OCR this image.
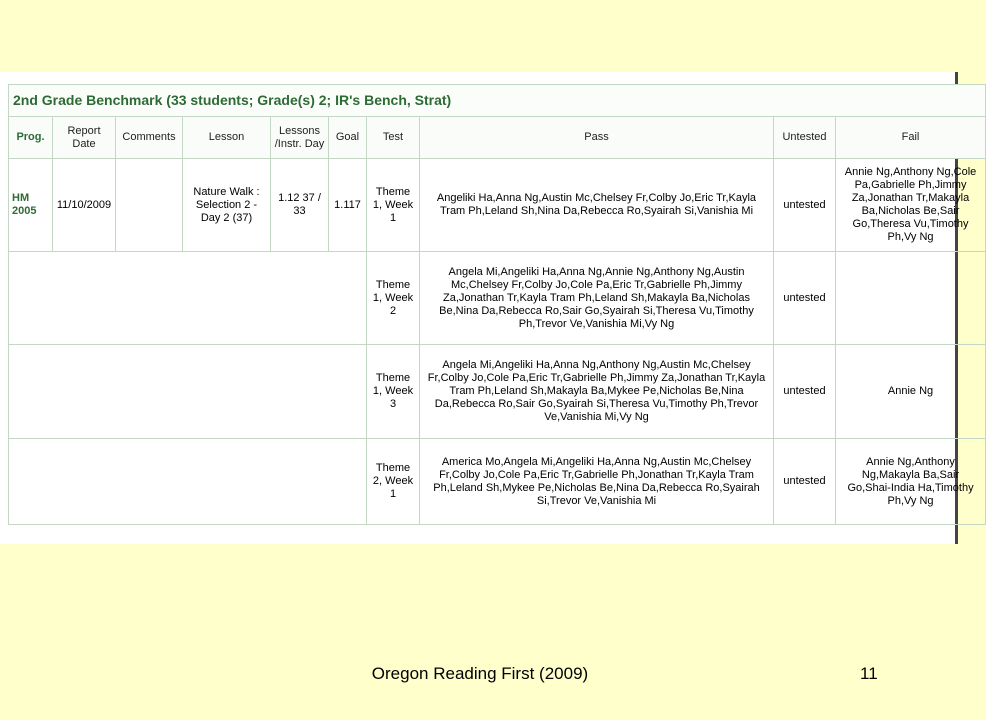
2nd Grade Benchmark (33 students; Grade(s) 2; IR's Bench, Strat)									
Prog.	Report Date	Comments	Lesson	Lessons /Instr. Day	Goal	Test	Pass	Untested	Fail
HM 2005	11/10/2009		Nature Walk : Selection 2 - Day 2 (37)	1.12 37 / 33	1.117	Theme 1, Week 1	Angeliki Ha,Anna Ng,Austin Mc,Chelsey Fr,Colby Jo,Eric Tr,Kayla Tram Ph,Leland Sh,Nina Da,Rebecca Ro,Syairah Si,Vanishia Mi	untested	Annie Ng,Anthony Ng,Cole Pa,Gabrielle Ph,Jimmy Za,Jonathan Tr,Makayla Ba,Nicholas Be,Sair Go,Theresa Vu,Timothy Ph,Vy Ng
						Theme 1, Week 2	Angela Mi,Angeliki Ha,Anna Ng,Annie Ng,Anthony Ng,Austin Mc,Chelsey Fr,Colby Jo,Cole Pa,Eric Tr,Gabrielle Ph,Jimmy Za,Jonathan Tr,Kayla Tram Ph,Leland Sh,Makayla Ba,Nicholas Be,Nina Da,Rebecca Ro,Sair Go,Syairah Si,Theresa Vu,Timothy Ph,Trevor Ve,Vanishia Mi,Vy Ng	untested	
						Theme 1, Week 3	Angela Mi,Angeliki Ha,Anna Ng,Anthony Ng,Austin Mc,Chelsey Fr,Colby Jo,Cole Pa,Eric Tr,Gabrielle Ph,Jimmy Za,Jonathan Tr,Kayla Tram Ph,Leland Sh,Makayla Ba,Mykee Pe,Nicholas Be,Nina Da,Rebecca Ro,Sair Go,Syairah Si,Theresa Vu,Timothy Ph,Trevor Ve,Vanishia Mi,Vy Ng	untested	Annie Ng
						Theme 2, Week 1	America Mo,Angela Mi,Angeliki Ha,Anna Ng,Austin Mc,Chelsey Fr,Colby Jo,Cole Pa,Eric Tr,Gabrielle Ph,Jonathan Tr,Kayla Tram Ph,Leland Sh,Mykee Pe,Nicholas Be,Nina Da,Rebecca Ro,Syairah Si,Trevor Ve,Vanishia Mi	untested	Annie Ng,Anthony Ng,Makayla Ba,Sair Go,Shai-India Ha,Timothy Ph,Vy Ng
Oregon Reading First (2009)	11
